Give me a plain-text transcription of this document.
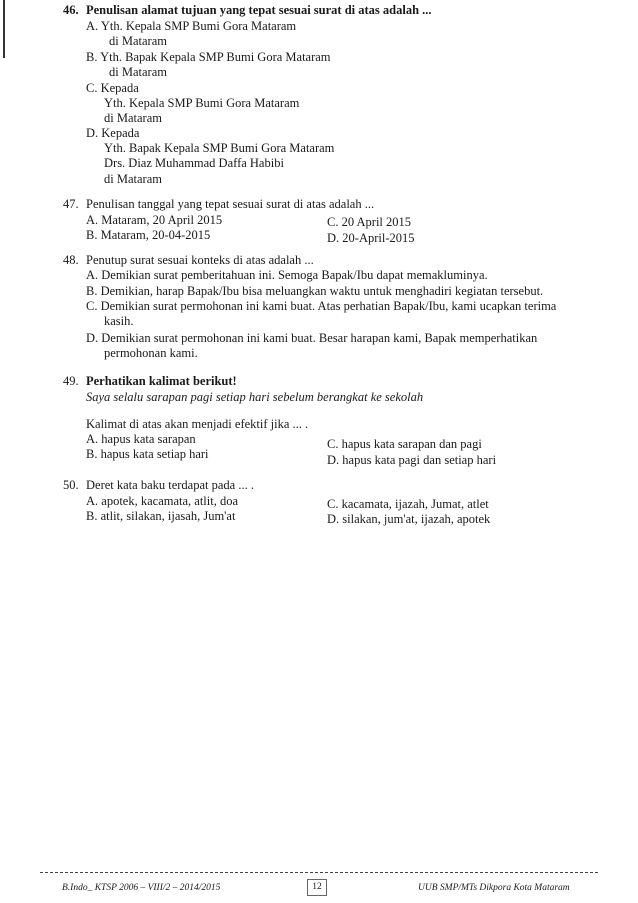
46. Penulisan alamat tujuan yang tepat sesuai surat di atas adalah ...
A. Yth. Kepala SMP Bumi Gora Mataram
di Mataram
B. Yth. Bapak Kepala SMP Bumi Gora Mataram
di Mataram
C. Kepada
Yth. Kepala SMP Bumi Gora Mataram
di Mataram
D. Kepada
Yth. Bapak Kepala SMP Bumi Gora Mataram
Drs. Diaz Muhammad Daffa Habibi
di Mataram
47. Penulisan tanggal yang tepat sesuai surat di atas adalah ...
A. Mataram, 20 April 2015	C. 20 April 2015
B. Mataram, 20-04-2015	D. 20-April-2015
48. Penutup surat sesuai konteks di atas adalah ...
A. Demikian surat pemberitahuan ini. Semoga Bapak/Ibu dapat memakluminya.
B. Demikian, harap Bapak/Ibu bisa meluangkan waktu untuk menghadiri kegiatan tersebut.
C. Demikian surat permohonan ini kami buat. Atas perhatian Bapak/Ibu, kami ucapkan terima
kasih.
D. Demikian surat permohonan ini kami buat. Besar harapan kami, Bapak memperhatikan
permohonan kami.
49. Perhatikan kalimat berikut!
Saya selalu sarapan pagi setiap hari sebelum berangkat ke sekolah
Kalimat di atas akan menjadi efektif jika ... .
A. hapus kata sarapan	C. hapus kata sarapan dan pagi
B. hapus kata setiap hari	D. hapus kata pagi dan setiap hari
50. Deret kata baku terdapat pada ... .
A. apotek, kacamata, atlit, doa	C. kacamata, ijazah, Jumat, atlet
B. atlit, silakan, ijasah, Jum'at	D. silakan, jum'at, ijazah, apotek
B.Indo_ KTSP 2006 – VIII/2 – 2014/2015	12	UUB SMP/MTs Dikpora Kota Mataram
